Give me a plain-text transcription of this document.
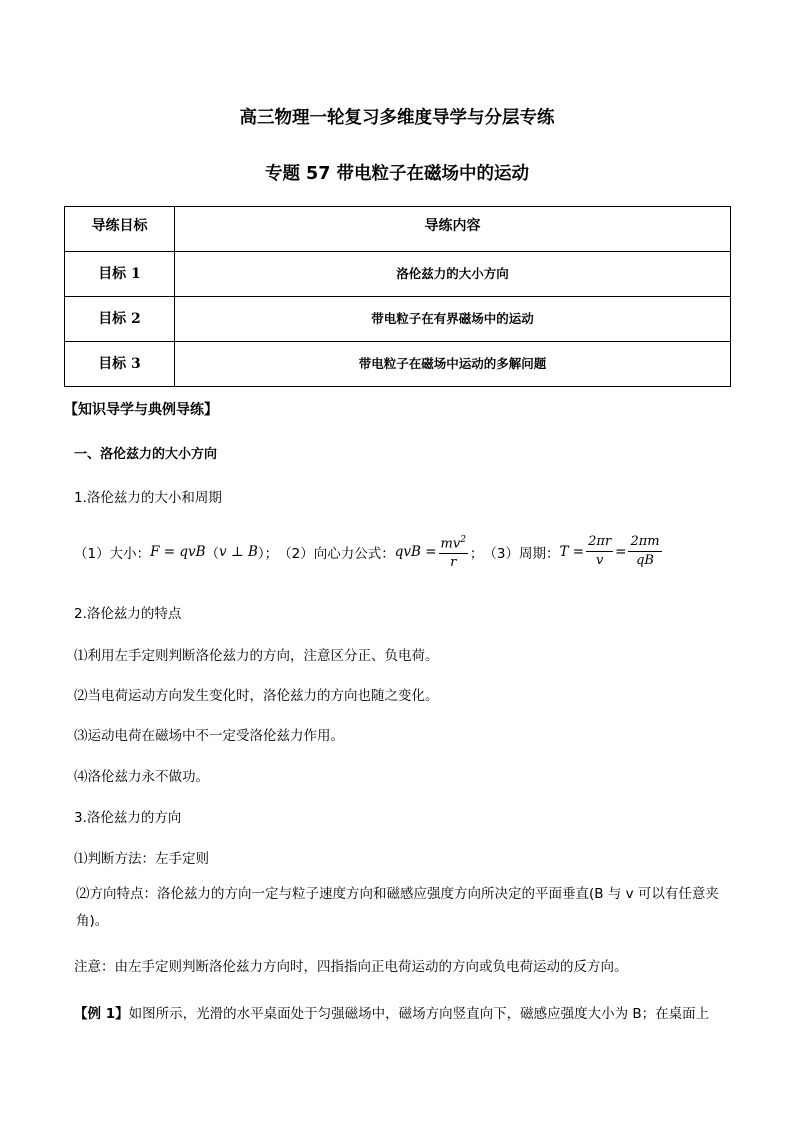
高三物理一轮复习多维度导学与分层专练
专题 57 带电粒子在磁场中的运动
导练目标	导练内容
目标 1	洛伦兹力的大小方向
目标 2	带电粒子在有界磁场中的运动
目标 3	带电粒子在磁场中运动的多解问题
【知识导学与典例导练】
一、洛伦兹力的大小方向
1.洛伦兹力的大小和周期
（1）大小： F = qvB （ v ⊥ B ）； （2）向心力公式： qvB = $\frac{mv^2}{r}$ ； （3）周期： $T = \frac{2\pi r}{v} = \frac{2\pi m}{qB}$
2.洛伦兹力的特点
⑴利用左手定则判断洛伦兹力的方向，注意区分正、负电荷。
⑵当电荷运动方向发生变化时，洛伦兹力的方向也随之变化。
⑶运动电荷在磁场中不一定受洛伦兹力作用。
⑷洛伦兹力永不做功。
3.洛伦兹力的方向
⑴判断方法：左手定则
⑵方向特点：洛伦兹力的方向一定与粒子速度方向和磁感应强度方向所决定的平面垂直(B 与 v 可以有任意夹角)。
注意：由左手定则判断洛伦兹力方向时，四指指向正电荷运动的方向或负电荷运动的反方向。
【例 1】如图所示，光滑的水平桌面处于匀强磁场中，磁场方向竖直向下，磁感应强度大小为 B；在桌面上
